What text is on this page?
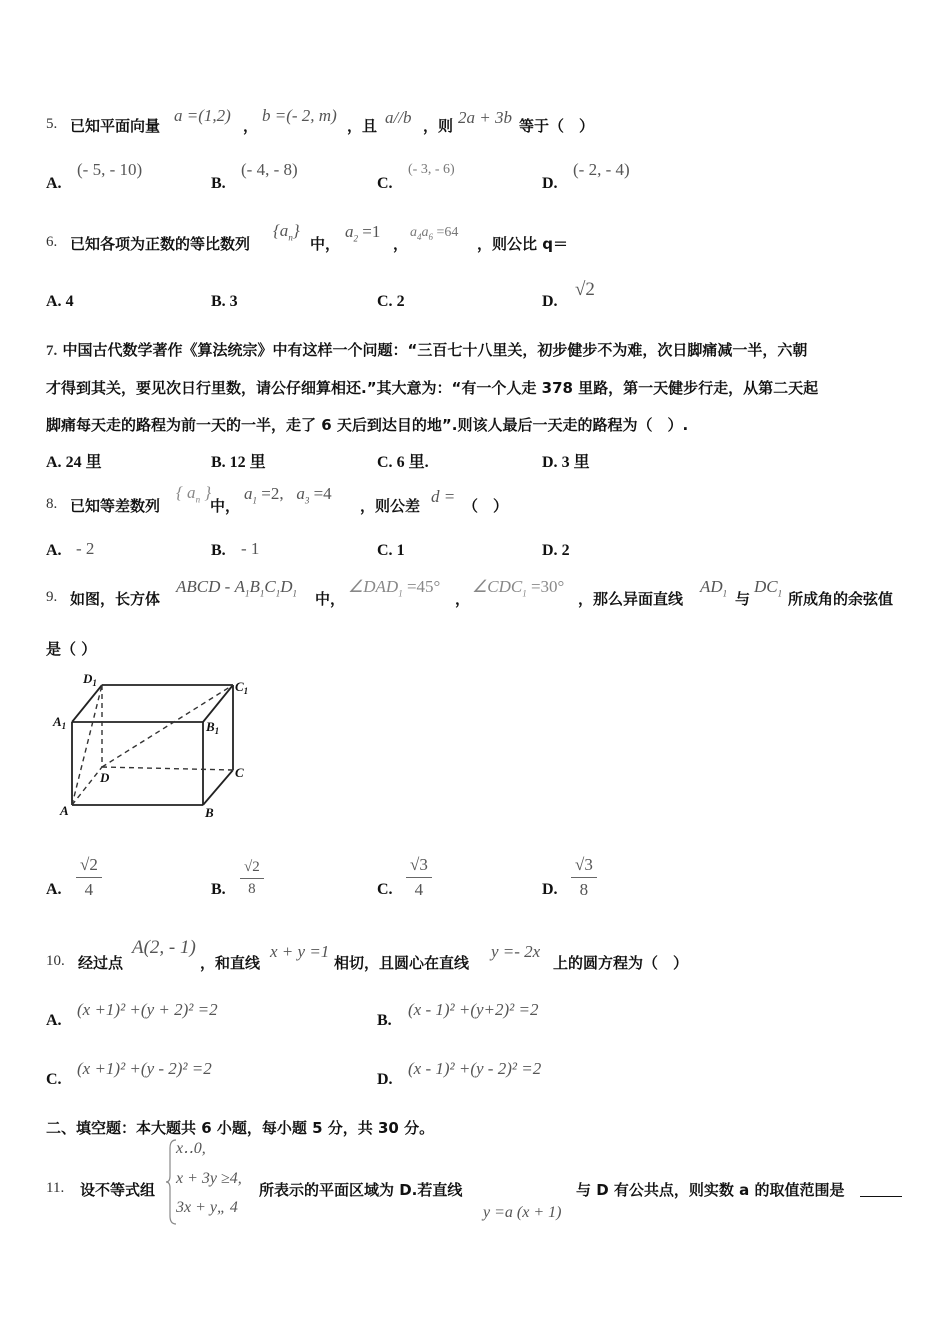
5. 已知平面向量
a =(1,2)
，
b =(- 2, m)
，且 a//b ，则 2a + 3b 等于（　）
A.
(- 5, - 10)
B.
(- 4, - 8)
C.
(- 3, - 6)
D.
(- 2, - 4)
6. 已知各项为正数的等比数列
$\{a_n\}$
中，
$a_2 =1$
，
$a_4a_6 =64$
，则公比 q＝
A. 4	B. 3	C. 2	D.
√2
7. 中国古代数学著作《算法统宗》中有这样一个问题：“三百七十八里关，初步健步不为难，次日脚痛减一半，六朝
才得到其关，要见次日行里数，请公仔细算相还.”其大意为：“有一个人走 378 里路，第一天健步行走，从第二天起
脚痛每天走的路程为前一天的一半，走了 6 天后到达目的地”.则该人最后一天走的路程为（　）.
A. 24 里	B. 12 里	C. 6 里.	D. 3 里
8. 已知等差数列
{ $a_n$ }
中，
$a_1 =2$,   $a_3 =4$
，则公差 d = （　）
A. - 2	B. - 1	C. 1	D. 2
9. 如图，长方体
ABCD - $A_1B_1C_1D_1$ 中，
$\angle DAD_1 =45^\circ$
，
$\angle CDC_1 =30^\circ$
，那么异面直线
$AD_1$ 与
$DC_1$ 所成角的余弦值
是（ ）
$D_1$	$C_1$
$A_1$	$B_1$
D	C
A	B
A. $\frac{√2}{4}$	B. $\frac{√2}{8}$	C. $\frac{√3}{4}$	D. $\frac{√3}{8}$
10. 经过点
A(2, - 1)
，和直线
x + y =1
相切，且圆心在直线
y =- 2x
上的圆方程为（　）
A.
(x +1)² +(y + 2)² =2
B.
(x - 1)² +(y+2)² =2
C.
(x +1)² +(y - 2)² =2
D.
(x - 1)² +(y - 2)² =2
二、填空题：本大题共 6 小题，每小题 5 分，共 30 分。
11. 设不等式组
x‥0,
x + 3y ≥4,
3x + y„ 4
所表示的平面区域为 D.若直线
y =a (x + 1)
与 D 有公共点，则实数 a 的取值范围是
